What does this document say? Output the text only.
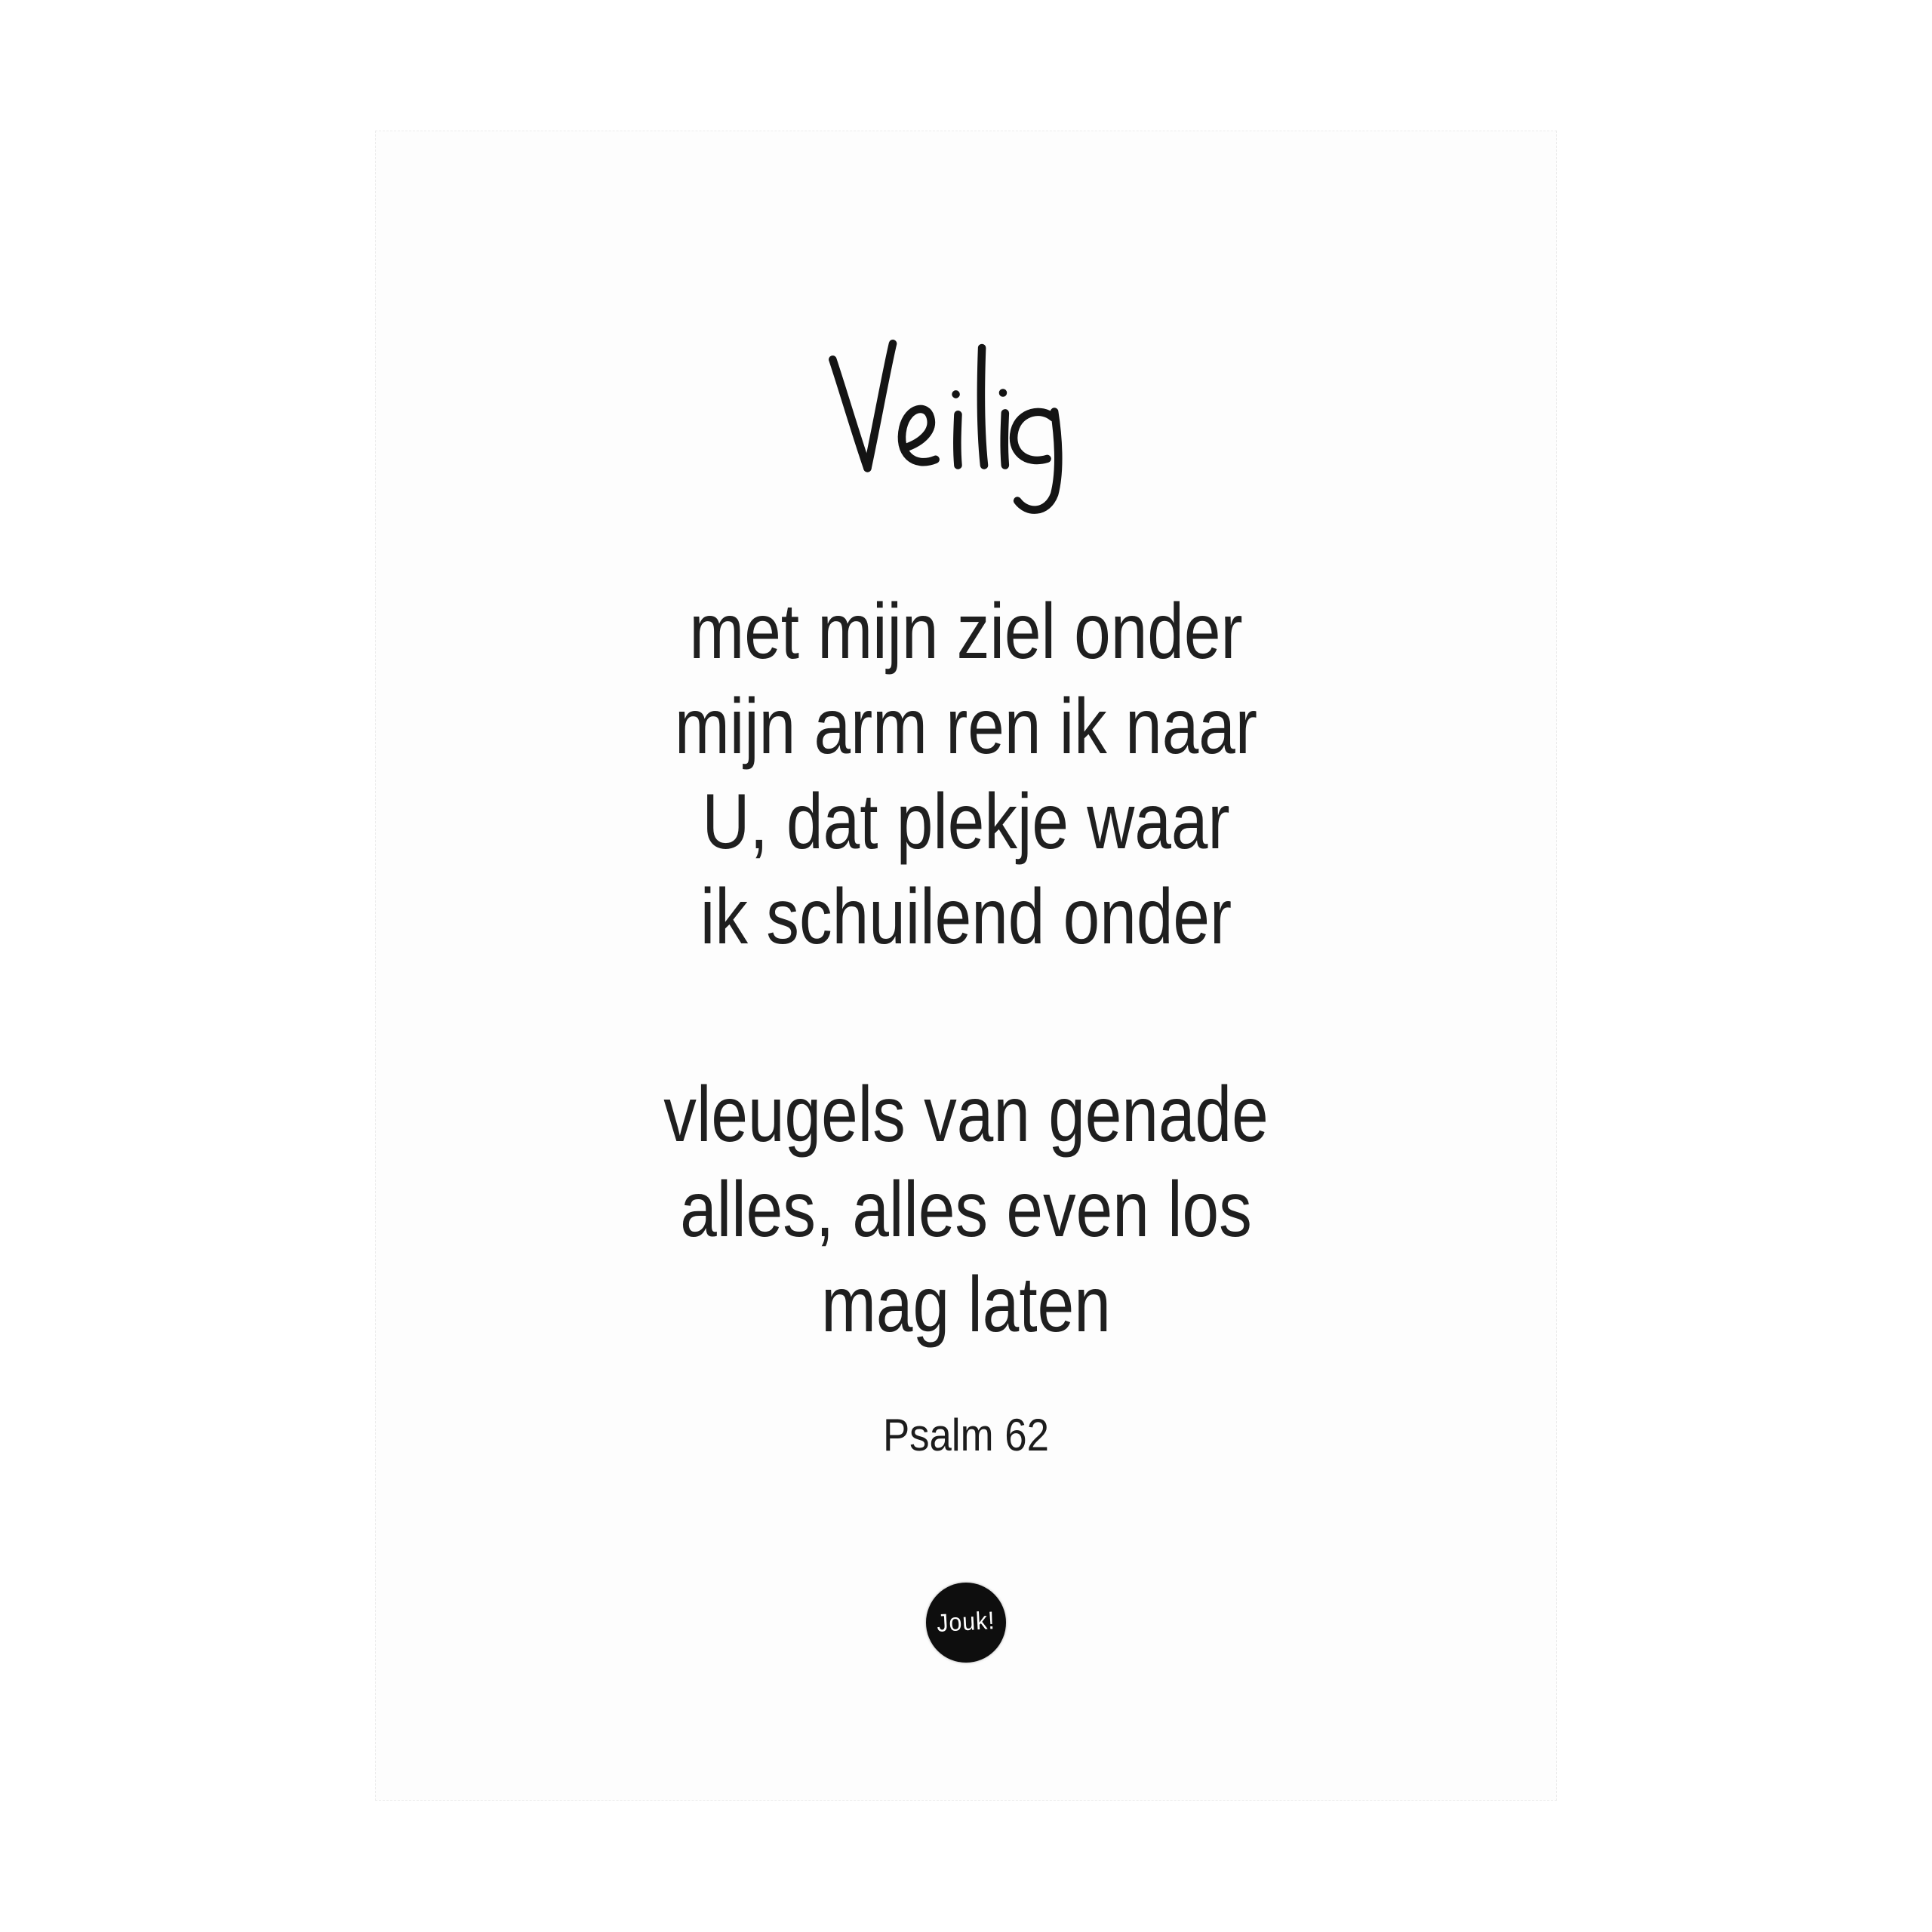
met mijn ziel onder
mijn arm ren ik naar
U, dat plekje waar
ik schuilend onder
vleugels van genade
alles, alles even los
mag laten
Psalm 62
Jouk!
